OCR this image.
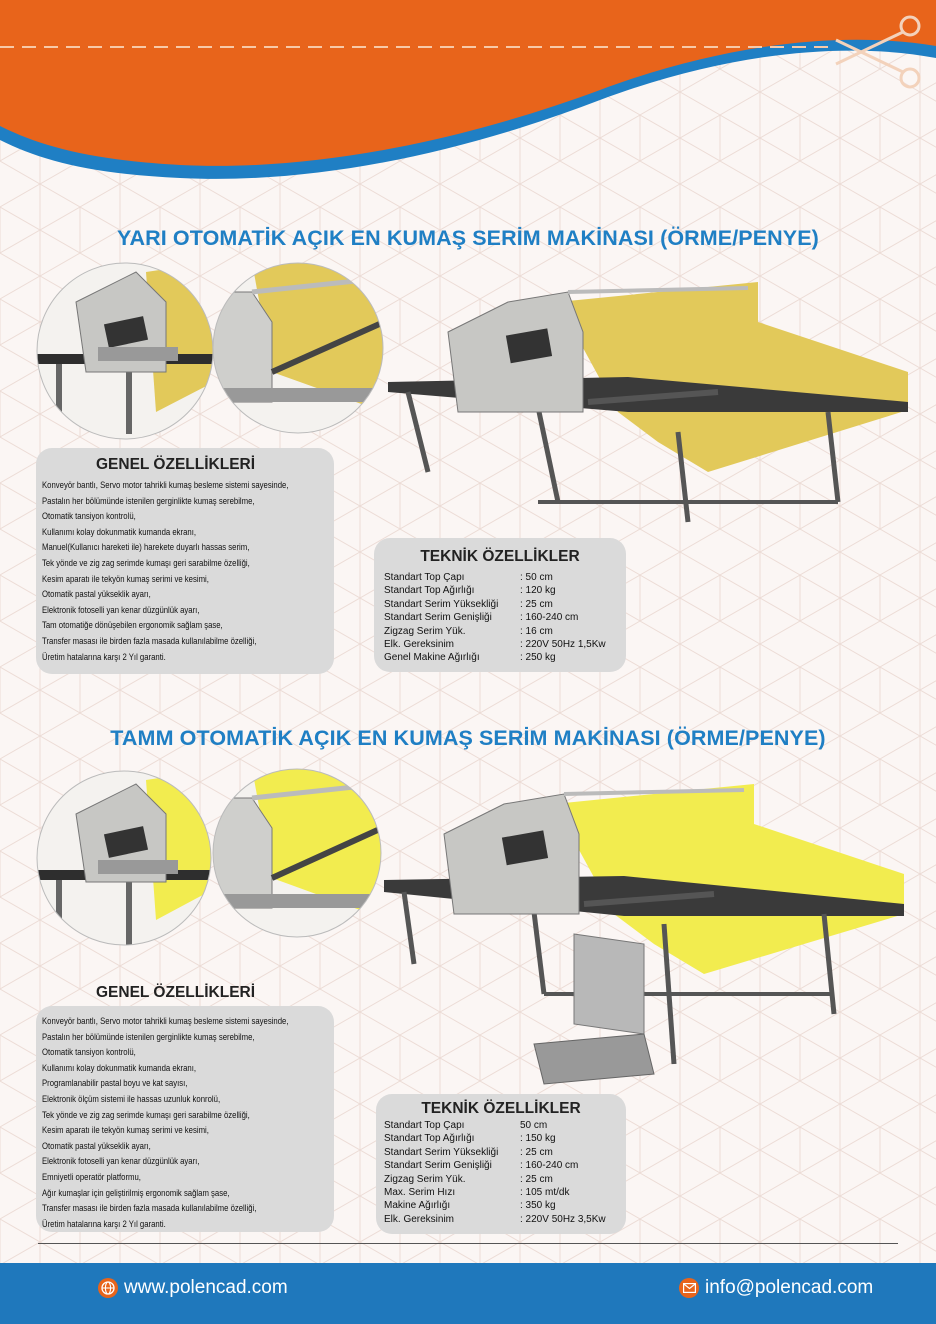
YARI OTOMATİK AÇIK EN KUMAŞ SERİM MAKİNASI (ÖRME/PENYE)
GENEL ÖZELLİKLERİ
Konveyör bantlı, Servo motor tahrikli kumaş besleme sistemi sayesinde,
Pastalın her bölümünde istenilen gerginlikte kumaş serebilme,
Otomatik tansiyon kontrolü,
Kullanımı kolay dokunmatik kumanda ekranı,
Manuel(Kullanıcı hareketi ile) harekete duyarlı hassas serim,
Tek yönde ve zig zag serimde kumaşı geri sarabilme özelliği,
Kesim aparatı ile tekyön kumaş serimi ve kesimi,
Otomatik pastal yükseklik ayarı,
Elektronik fotoselli yan kenar düzgünlük ayarı,
Tam otomatiğe dönüşebilen ergonomik sağlam şase,
Transfer masası ile birden fazla masada kullanılabilme özelliği,
Üretim hatalarına karşı 2 Yıl garanti.
TEKNİK ÖZELLİKLER
Standart Top Çapı	: 50 cm
Standart Top Ağırlığı	: 120 kg
Standart Serim Yüksekliği	: 25 cm
Standart Serim Genişliği	: 160-240 cm
Zigzag Serim Yük.	: 16 cm
Elk. Gereksinim	: 220V 50Hz 1,5Kw
Genel Makine Ağırlığı	: 250 kg
TAMM OTOMATİK AÇIK EN KUMAŞ SERİM MAKİNASI (ÖRME/PENYE)
GENEL ÖZELLİKLERİ
Konveyör bantlı, Servo motor tahrikli kumaş besleme sistemi sayesinde,
Pastalın her bölümünde istenilen gerginlikte kumaş serebilme,
Otomatik tansiyon kontrolü,
Kullanımı kolay dokunmatik kumanda ekranı,
Programlanabilir pastal boyu ve kat sayısı,
Elektronik ölçüm sistemi ile hassas uzunluk konrolü,
Tek yönde ve zig zag serimde kumaşı geri sarabilme özelliği,
Kesim aparatı ile tekyön kumaş serimi ve kesimi,
Otomatik pastal yükseklik ayarı,
Elektronik fotoselli yan kenar düzgünlük ayarı,
Emniyetli operatör platformu,
Ağır kumaşlar için geliştirilmiş ergonomik sağlam şase,
Transfer masası ile birden fazla masada kullanılabilme özelliği,
Üretim hatalarına karşı 2 Yıl garanti.
TEKNİK ÖZELLİKLER
Standart Top Çapı	50 cm
Standart Top Ağırlığı	: 150 kg
Standart Serim Yüksekliği	: 25 cm
Standart Serim Genişliği	: 160-240 cm
Zigzag Serim Yük.	: 25 cm
Max. Serim Hızı	: 105 mt/dk
Makine Ağırlığı	: 350 kg
Elk. Gereksinim	: 220V 50Hz 3,5Kw
www.polencad.com	info@polencad.com
